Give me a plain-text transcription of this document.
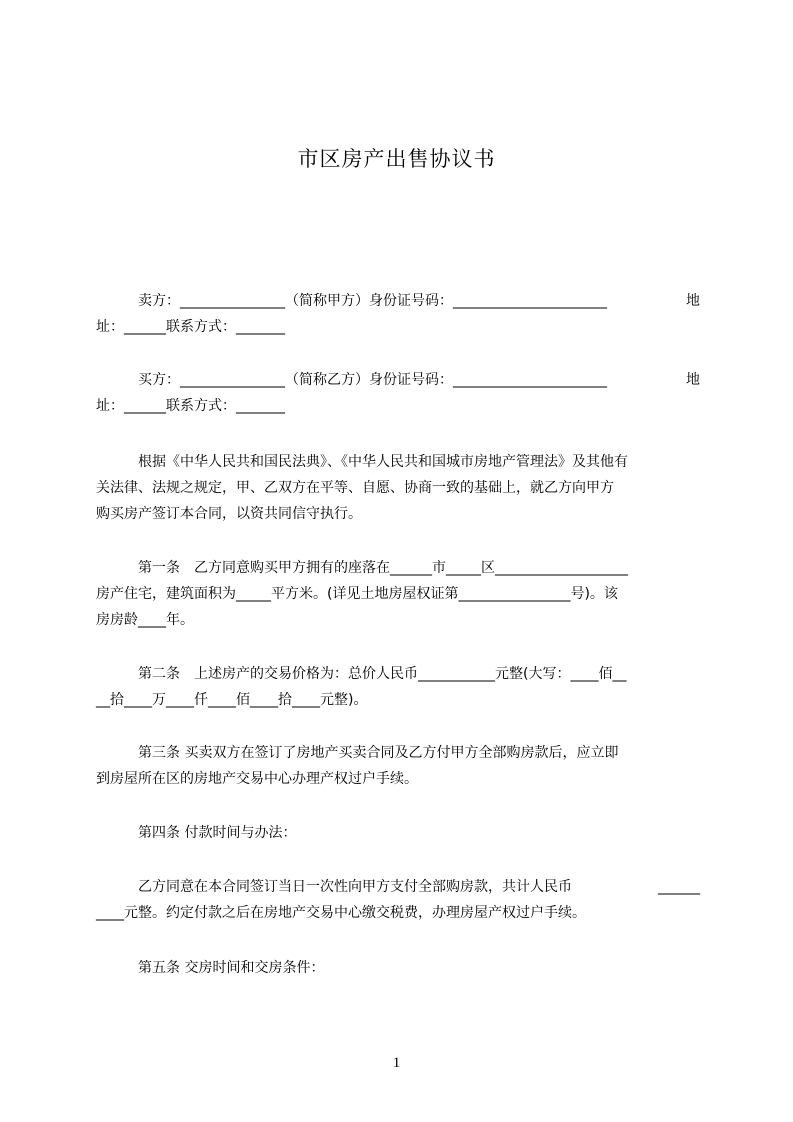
市区房产出售协议书
卖方：_______________（简称甲方）身份证号码：______________________	地
址：______联系方式：_______
买方：_______________（简称乙方）身份证号码：______________________	地
址：______联系方式：_______
根据《中华人民共和国民法典》、《中华人民共和国城市房地产管理法》及其他有
关法律、法规之规定，甲、乙双方在平等、自愿、协商一致的基础上，就乙方向甲方
购买房产签订本合同，以资共同信守执行。
第一条　乙方同意购买甲方拥有的座落在______市_____区___________________
房产住宅，建筑面积为_____平方米。(详见土地房屋权证第________________号)。该
房房龄____年。
第二条　上述房产的交易价格为：总价人民币___________元整(大写：____佰__
__拾____万____仟____佰____拾____元整)。
第三条 买卖双方在签订了房地产买卖合同及乙方付甲方全部购房款后，应立即
到房屋所在区的房地产交易中心办理产权过户手续。
第四条 付款时间与办法：
乙方同意在本合同签订当日一次性向甲方支付全部购房款，共计人民币	______
____元整。约定付款之后在房地产交易中心缴交税费，办理房屋产权过户手续。
第五条 交房时间和交房条件：
1
